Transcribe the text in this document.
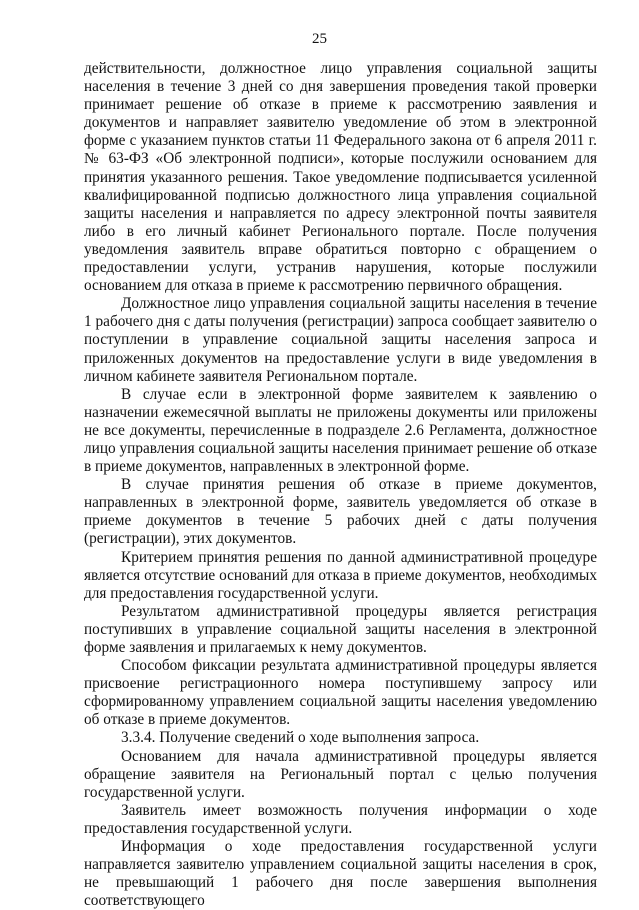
25

действительности, должностное лицо управления социальной защиты населения в течение 3 дней со дня завершения проведения такой проверки принимает решение об отказе в приеме к рассмотрению заявления и документов и направляет заявителю уведомление об этом в электронной форме с указанием пунктов статьи 11 Федерального закона от 6 апреля 2011 г. № 63-ФЗ «Об электронной подписи», которые послужили основанием для принятия указанного решения. Такое уведомление подписывается усиленной квалифицированной подписью должностного лица управления социальной защиты населения и направляется по адресу электронной почты заявителя либо в его личный кабинет Регионального портале. После получения уведомления заявитель вправе обратиться повторно с обращением о предоставлении услуги, устранив нарушения, которые послужили основанием для отказа в приеме к рассмотрению первичного обращения.

Должностное лицо управления социальной защиты населения в течение 1 рабочего дня с даты получения (регистрации) запроса сообщает заявителю о поступлении в управление социальной защиты населения запроса и приложенных документов на предоставление услуги в виде уведомления в личном кабинете заявителя Региональном портале.

В случае если в электронной форме заявителем к заявлению о назначении ежемесячной выплаты не приложены документы или приложены не все документы, перечисленные в подразделе 2.6 Регламента, должностное лицо управления социальной защиты населения принимает решение об отказе в приеме документов, направленных в электронной форме.

В случае принятия решения об отказе в приеме документов, направленных в электронной форме, заявитель уведомляется об отказе в приеме документов в течение 5 рабочих дней с даты получения (регистрации), этих документов.

Критерием принятия решения по данной административной процедуре является отсутствие оснований для отказа в приеме документов, необходимых для предоставления государственной услуги.

Результатом административной процедуры является регистрация поступивших в управление социальной защиты населения в электронной форме заявления и прилагаемых к нему документов.

Способом фиксации результата административной процедуры является присвоение регистрационного номера поступившему запросу или сформированному управлением социальной защиты населения уведомлению об отказе в приеме документов.

3.3.4. Получение сведений о ходе выполнения запроса.

Основанием для начала административной процедуры является обращение заявителя на Региональный портал с целью получения государственной услуги.

Заявитель имеет возможность получения информации о ходе предоставления государственной услуги.

Информация о ходе предоставления государственной услуги направляется заявителю управлением социальной защиты населения в срок, не превышающий 1 рабочего дня после завершения выполнения соответствующего
